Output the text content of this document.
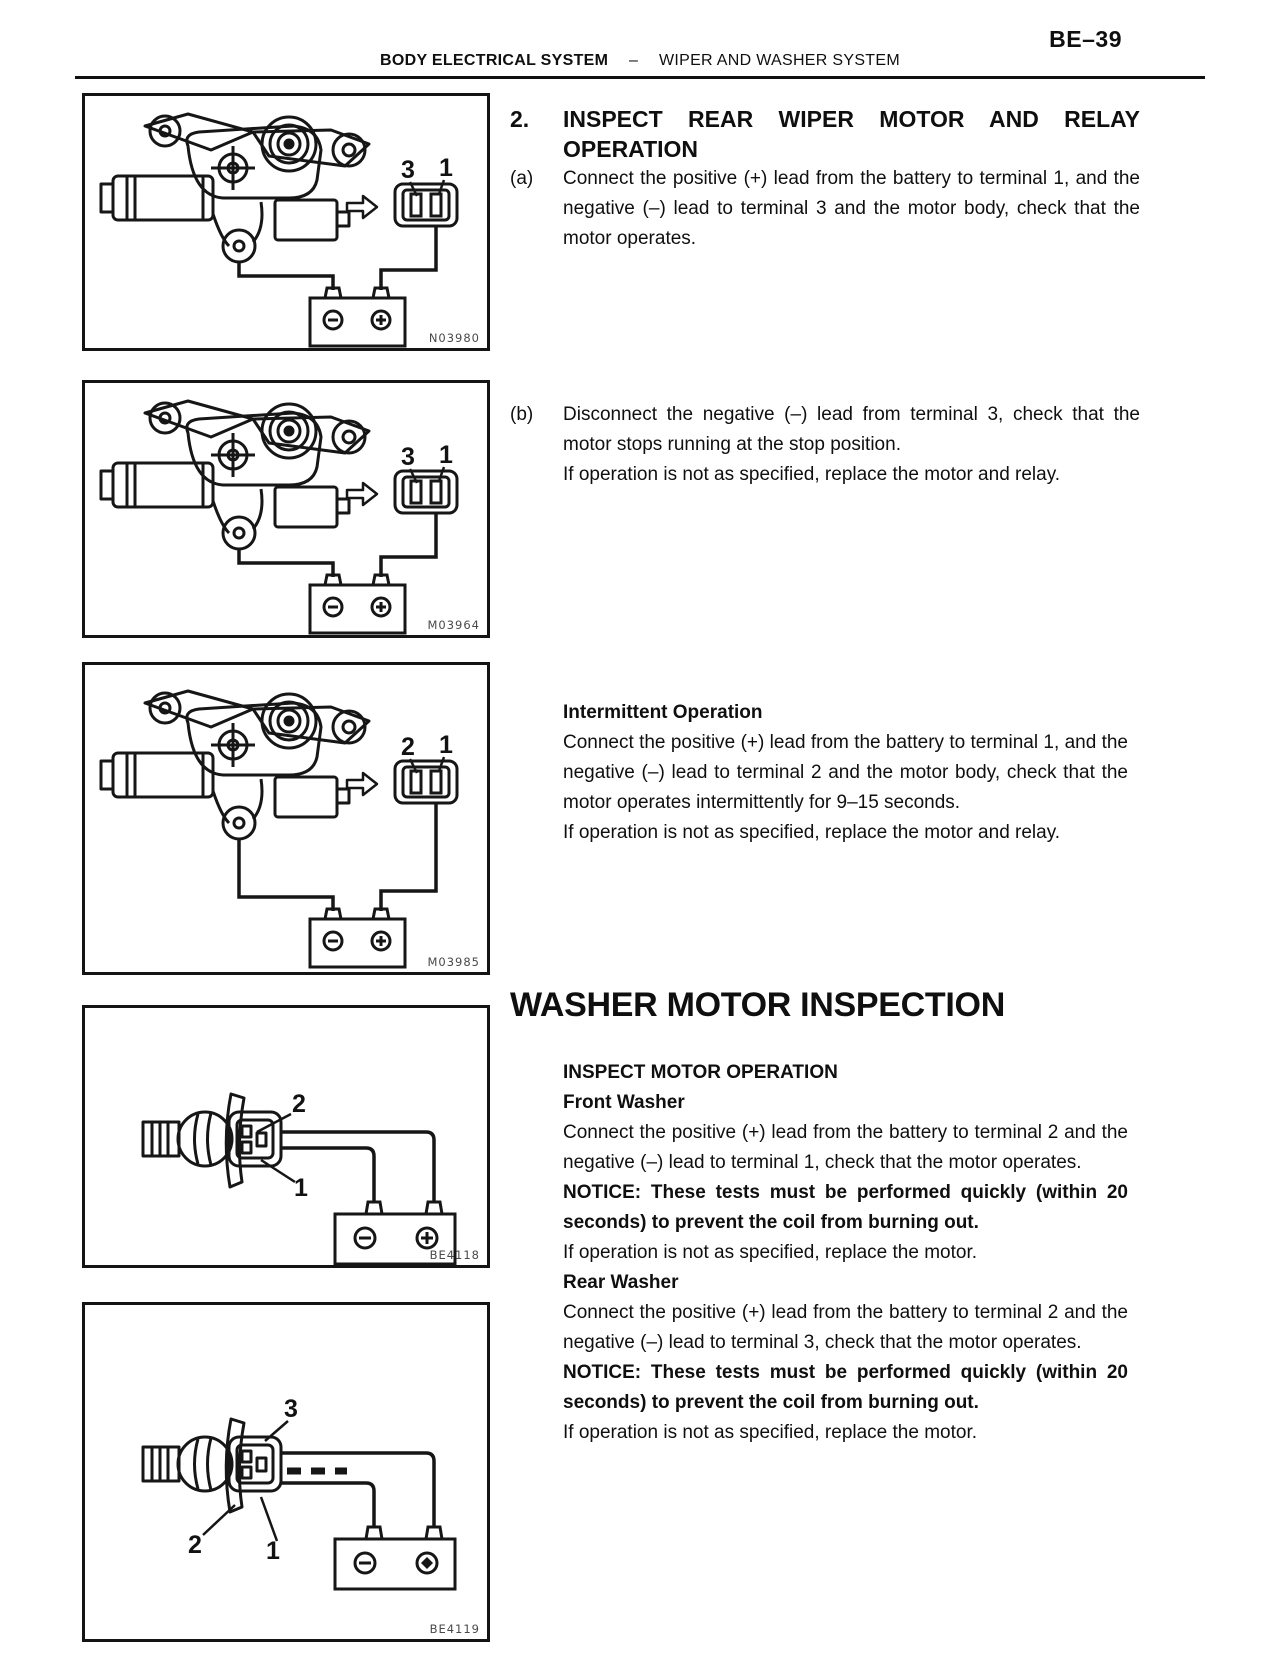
BE–39
BODY ELECTRICAL SYSTEM – WIPER AND WASHER SYSTEM
3 1
N03980
3 1
M03964
2 1
M03985
2
1
BE4118
3
2	1
BE4119
2. INSPECT REAR WIPER MOTOR AND RELAY OPERATION
(a) Connect the positive (+) lead from the battery to terminal 1, and the negative (–) lead to terminal 3 and the motor body, check that the motor operates.
(b) Disconnect the negative (–) lead from terminal 3, check that the motor stops running at the stop position.
If operation is not as specified, replace the motor and relay.
Intermittent Operation
Connect the positive (+) lead from the battery to terminal 1, and the negative (–) lead to terminal 2 and the motor body, check that the motor operates intermittently for 9–15 seconds.
If operation is not as specified, replace the motor and relay.
WASHER MOTOR INSPECTION
INSPECT MOTOR OPERATION
Front Washer
Connect the positive (+) lead from the battery to terminal 2 and the negative (–) lead to terminal 1, check that the motor operates.
NOTICE: These tests must be performed quickly (within 20 seconds) to prevent the coil from burning out.
If operation is not as specified, replace the motor.
Rear Washer
Connect the positive (+) lead from the battery to terminal 2 and the negative (–) lead to terminal 3, check that the motor operates.
NOTICE: These tests must be performed quickly (within 20 seconds) to prevent the coil from burning out.
If operation is not as specified, replace the motor.
